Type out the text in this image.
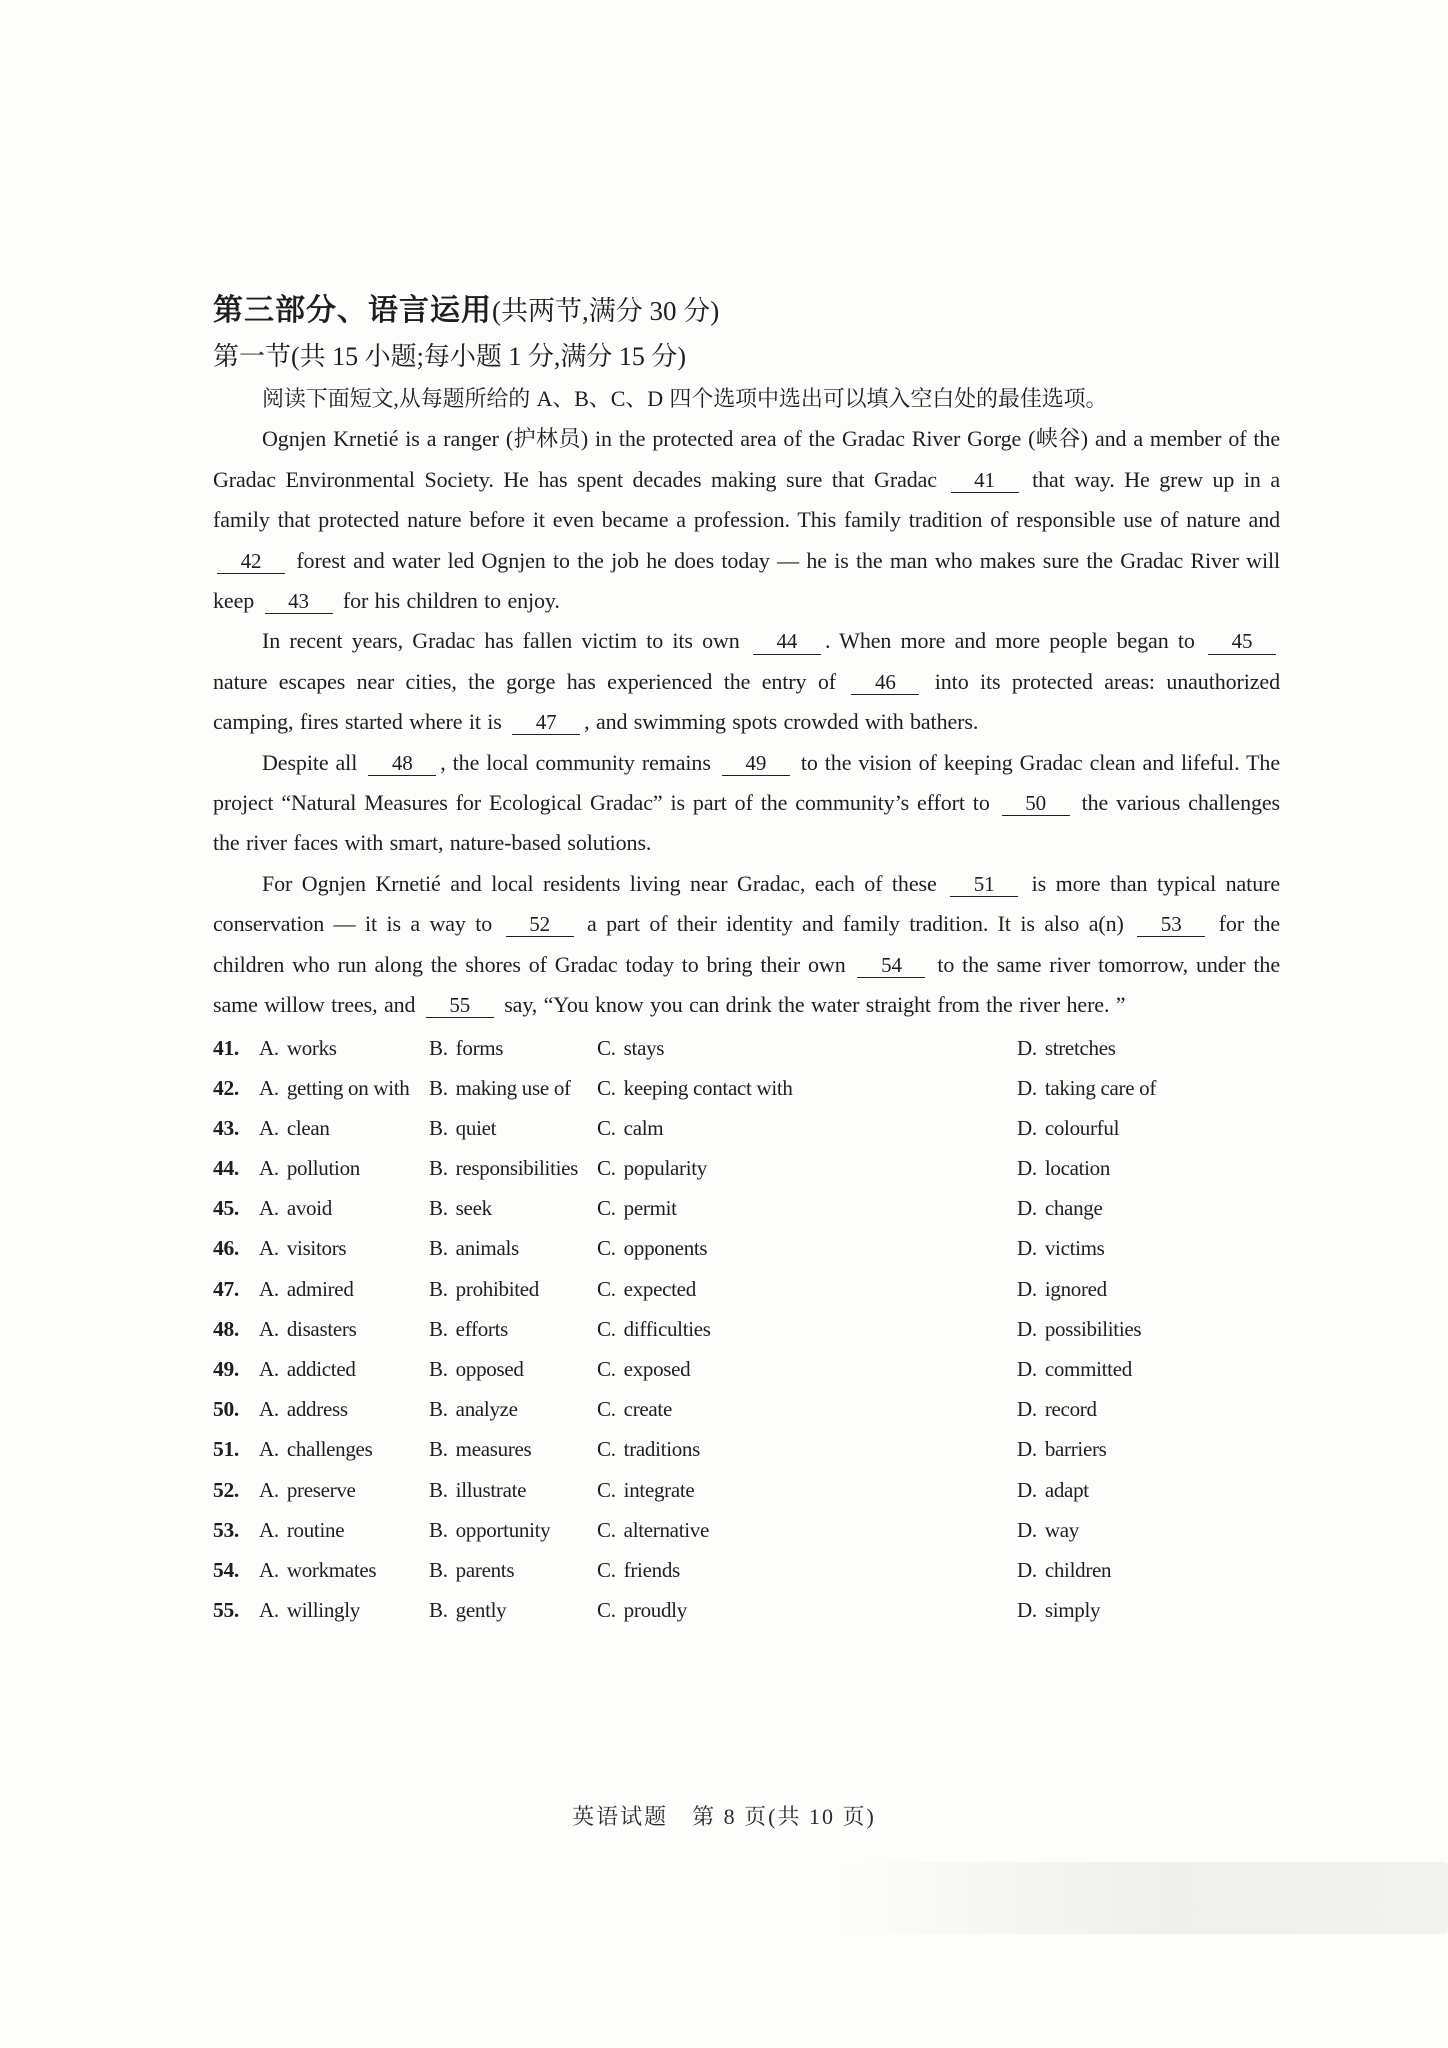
第三部分、语言运用(共两节,满分 30 分)
第一节(共 15 小题;每小题 1 分,满分 15 分)

阅读下面短文,从每题所给的 A、B、C、D 四个选项中选出可以填入空白处的最佳选项。

Ognjen Krnetié is a ranger (护林员) in the protected area of the Gradac River Gorge (峡谷) and a member of the Gradac Environmental Society. He has spent decades making sure that Gradac 41 that way. He grew up in a family that protected nature before it even became a profession. This family tradition of responsible use of nature and 42 forest and water led Ognjen to the job he does today — he is the man who makes sure the Gradac River will keep 43 for his children to enjoy.

In recent years, Gradac has fallen victim to its own 44 . When more and more people began to 45 nature escapes near cities, the gorge has experienced the entry of 46 into its protected areas: unauthorized camping, fires started where it is 47 , and swimming spots crowded with bathers.

Despite all 48 , the local community remains 49 to the vision of keeping Gradac clean and lifeful. The project “Natural Measures for Ecological Gradac” is part of the community’s effort to 50 the various challenges the river faces with smart, nature-based solutions.

For Ognjen Krnetié and local residents living near Gradac, each of these 51 is more than typical nature conservation — it is a way to 52 a part of their identity and family tradition. It is also a(n) 53 for the children who run along the shores of Gradac today to bring their own 54 to the same river tomorrow, under the same willow trees, and 55 say, “You know you can drink the water straight from the river here. ”

41. A. works	B. forms	C. stays	D. stretches
42. A. getting on with B. making use of	C. keeping contact with	D. taking care of
43. A. clean	B. quiet	C. calm	D. colourful
44. A. pollution	B. responsibilities C. popularity	D. location
45. A. avoid	B. seek	C. permit	D. change
46. A. visitors	B. animals	C. opponents	D. victims
47. A. admired	B. prohibited	C. expected	D. ignored
48. A. disasters	B. efforts	C. difficulties	D. possibilities
49. A. addicted	B. opposed	C. exposed	D. committed
50. A. address	B. analyze	C. create	D. record
51. A. challenges	B. measures	C. traditions	D. barriers
52. A. preserve	B. illustrate	C. integrate	D. adapt
53. A. routine	B. opportunity	C. alternative	D. way
54. A. workmates	B. parents	C. friends	D. children
55. A. willingly	B. gently	C. proudly	D. simply
英语试题　第 8 页(共 10 页)
